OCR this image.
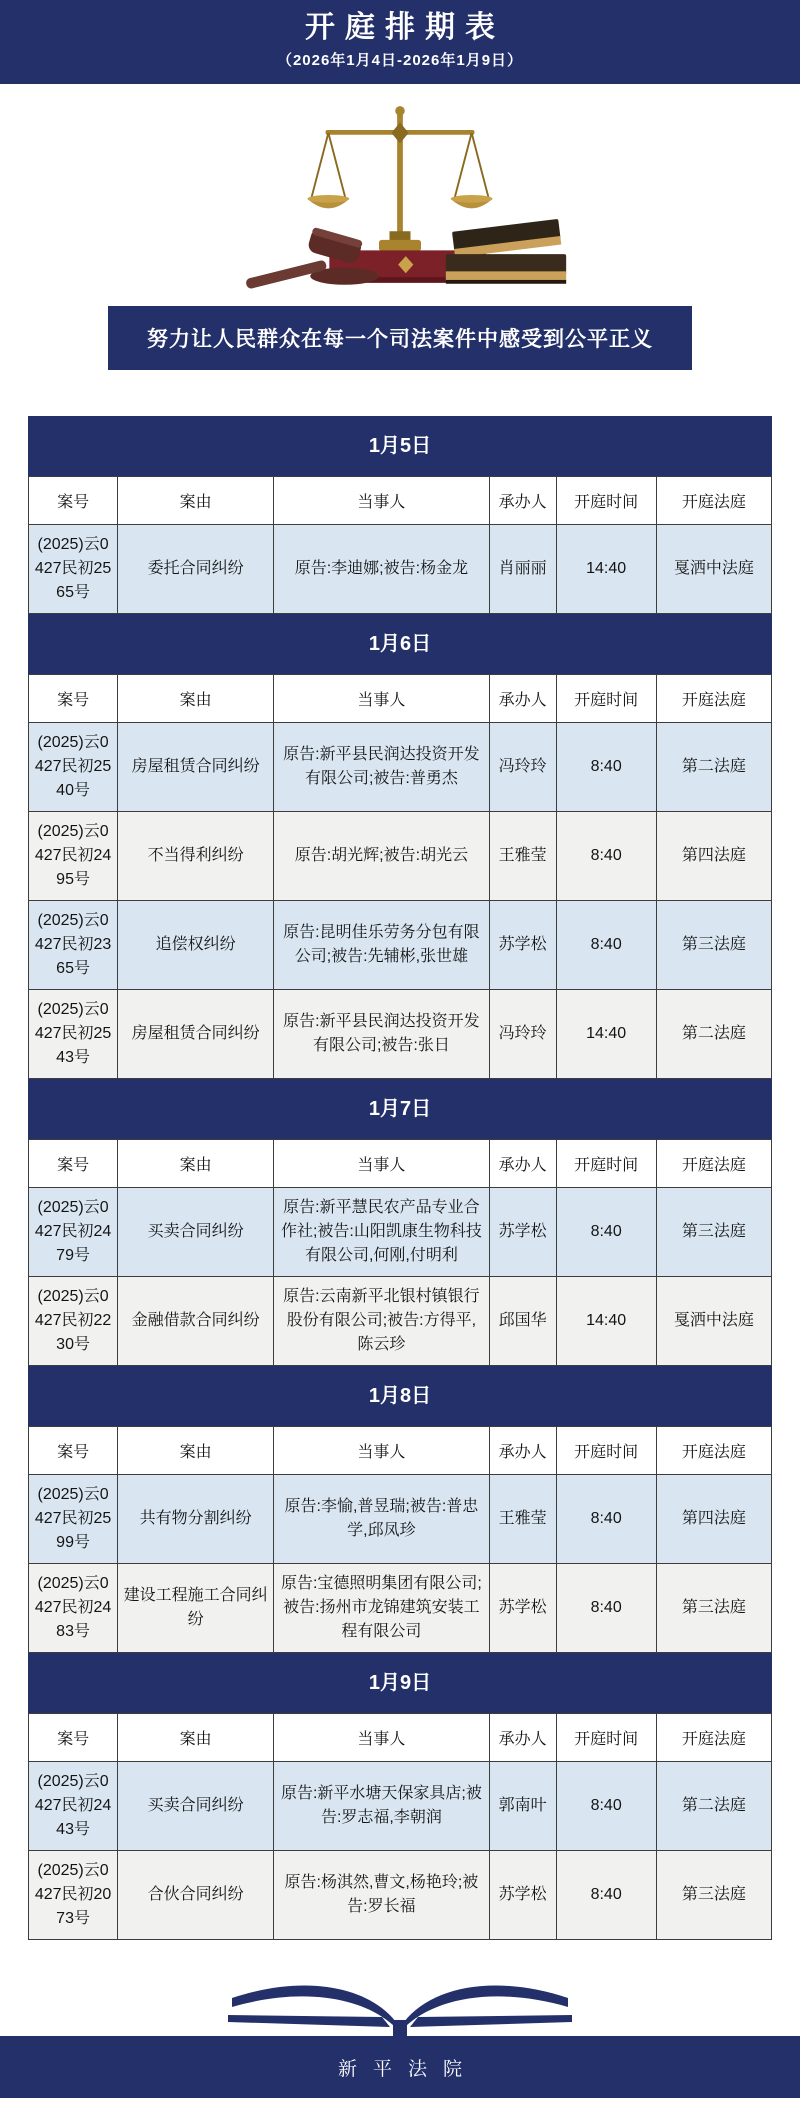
开庭排期表
（2026年1月4日-2026年1月9日）
努力让人民群众在每一个司法案件中感受到公平正义
1月5日
案号	案由	当事人	承办人	开庭时间	开庭法庭
(2025)云0427民初2565号	委托合同纠纷	原告:李迪娜;被告:杨金龙	肖丽丽	14:40	戛洒中法庭
1月6日
案号	案由	当事人	承办人	开庭时间	开庭法庭
(2025)云0427民初2540号	房屋租赁合同纠纷	原告:新平县民润达投资开发有限公司;被告:普勇杰	冯玲玲	8:40	第二法庭
(2025)云0427民初2495号	不当得利纠纷	原告:胡光辉;被告:胡光云	王雅莹	8:40	第四法庭
(2025)云0427民初2365号	追偿权纠纷	原告:昆明佳乐劳务分包有限公司;被告:先辅彬,张世雄	苏学松	8:40	第三法庭
(2025)云0427民初2543号	房屋租赁合同纠纷	原告:新平县民润达投资开发有限公司;被告:张日	冯玲玲	14:40	第二法庭
1月7日
案号	案由	当事人	承办人	开庭时间	开庭法庭
(2025)云0427民初2479号	买卖合同纠纷	原告:新平慧民农产品专业合作社;被告:山阳凯康生物科技有限公司,何刚,付明利	苏学松	8:40	第三法庭
(2025)云0427民初2230号	金融借款合同纠纷	原告:云南新平北银村镇银行股份有限公司;被告:方得平,陈云珍	邱国华	14:40	戛洒中法庭
1月8日
案号	案由	当事人	承办人	开庭时间	开庭法庭
(2025)云0427民初2599号	共有物分割纠纷	原告:李愉,普昱瑞;被告:普忠学,邱凤珍	王雅莹	8:40	第四法庭
(2025)云0427民初2483号	建设工程施工合同纠纷	原告:宝德照明集团有限公司;被告:扬州市龙锦建筑安装工程有限公司	苏学松	8:40	第三法庭
1月9日
案号	案由	当事人	承办人	开庭时间	开庭法庭
(2025)云0427民初2443号	买卖合同纠纷	原告:新平水塘天保家具店;被告:罗志福,李朝润	郭南叶	8:40	第二法庭
(2025)云0427民初2073号	合伙合同纠纷	原告:杨淇然,曹文,杨艳玲;被告:罗长福	苏学松	8:40	第三法庭
新平法院
